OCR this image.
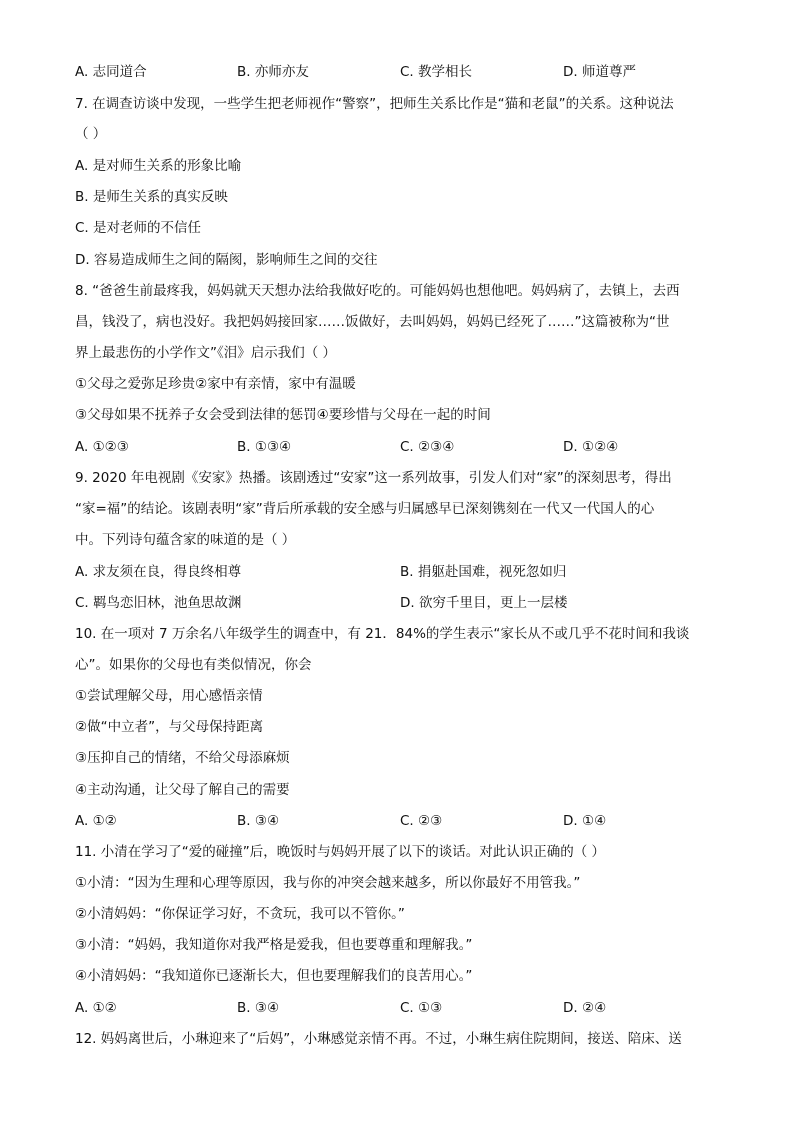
A. 志同道合	B. 亦师亦友	C. 教学相长	D. 师道尊严
7. 在调查访谈中发现，一些学生把老师视作“警察”，把师生关系比作是“猫和老鼠”的关系。这种说法
（ ）
A. 是对师生关系的形象比喻
B. 是师生关系的真实反映
C. 是对老师的不信任
D. 容易造成师生之间的隔阂，影响师生之间的交往
8. “爸爸生前最疼我，妈妈就天天想办法给我做好吃的。可能妈妈也想他吧。妈妈病了，去镇上，去西
昌，钱没了，病也没好。我把妈妈接回家……饭做好，去叫妈妈，妈妈已经死了……”这篇被称为“世
界上最悲伤的小学作文”《泪》启示我们（ ）
①父母之爱弥足珍贵②家中有亲情，家中有温暖
③父母如果不抚养子女会受到法律的惩罚④要珍惜与父母在一起的时间
A. ①②③	B. ①③④	C. ②③④	D. ①②④
9. 2020 年电视剧《安家》热播。该剧透过“安家”这一系列故事，引发人们对“家”的深刻思考，得出
“家=福”的结论。该剧表明“家”背后所承载的安全感与归属感早已深刻镌刻在一代又一代国人的心
中。下列诗句蕴含家的味道的是（ ）
A. 求友须在良，得良终相尊	B. 捐躯赴国难，视死忽如归
C. 羁鸟恋旧林，池鱼思故渊	D. 欲穷千里目，更上一层楼
10. 在一项对 7 万余名八年级学生的调查中，有 21．84%的学生表示“家长从不或几乎不花时间和我谈
心”。如果你的父母也有类似情况，你会
①尝试理解父母，用心感悟亲情
②做“中立者”，与父母保持距离
③压抑自己的情绪，不给父母添麻烦
④主动沟通，让父母了解自己的需要
A. ①②	B. ③④	C. ②③	D. ①④
11. 小清在学习了“爱的碰撞”后，晚饭时与妈妈开展了以下的谈话。对此认识正确的（ ）
①小清：“因为生理和心理等原因，我与你的冲突会越来越多，所以你最好不用管我。”
②小清妈妈：“你保证学习好，不贪玩，我可以不管你。”
③小清：“妈妈，我知道你对我严格是爱我，但也要尊重和理解我。”
④小清妈妈：“我知道你已逐渐长大，但也要理解我们的良苦用心。”
A. ①②	B. ③④	C. ①③	D. ②④
12. 妈妈离世后，小琳迎来了“后妈”，小琳感觉亲情不再。不过，小琳生病住院期间，接送、陪床、送
